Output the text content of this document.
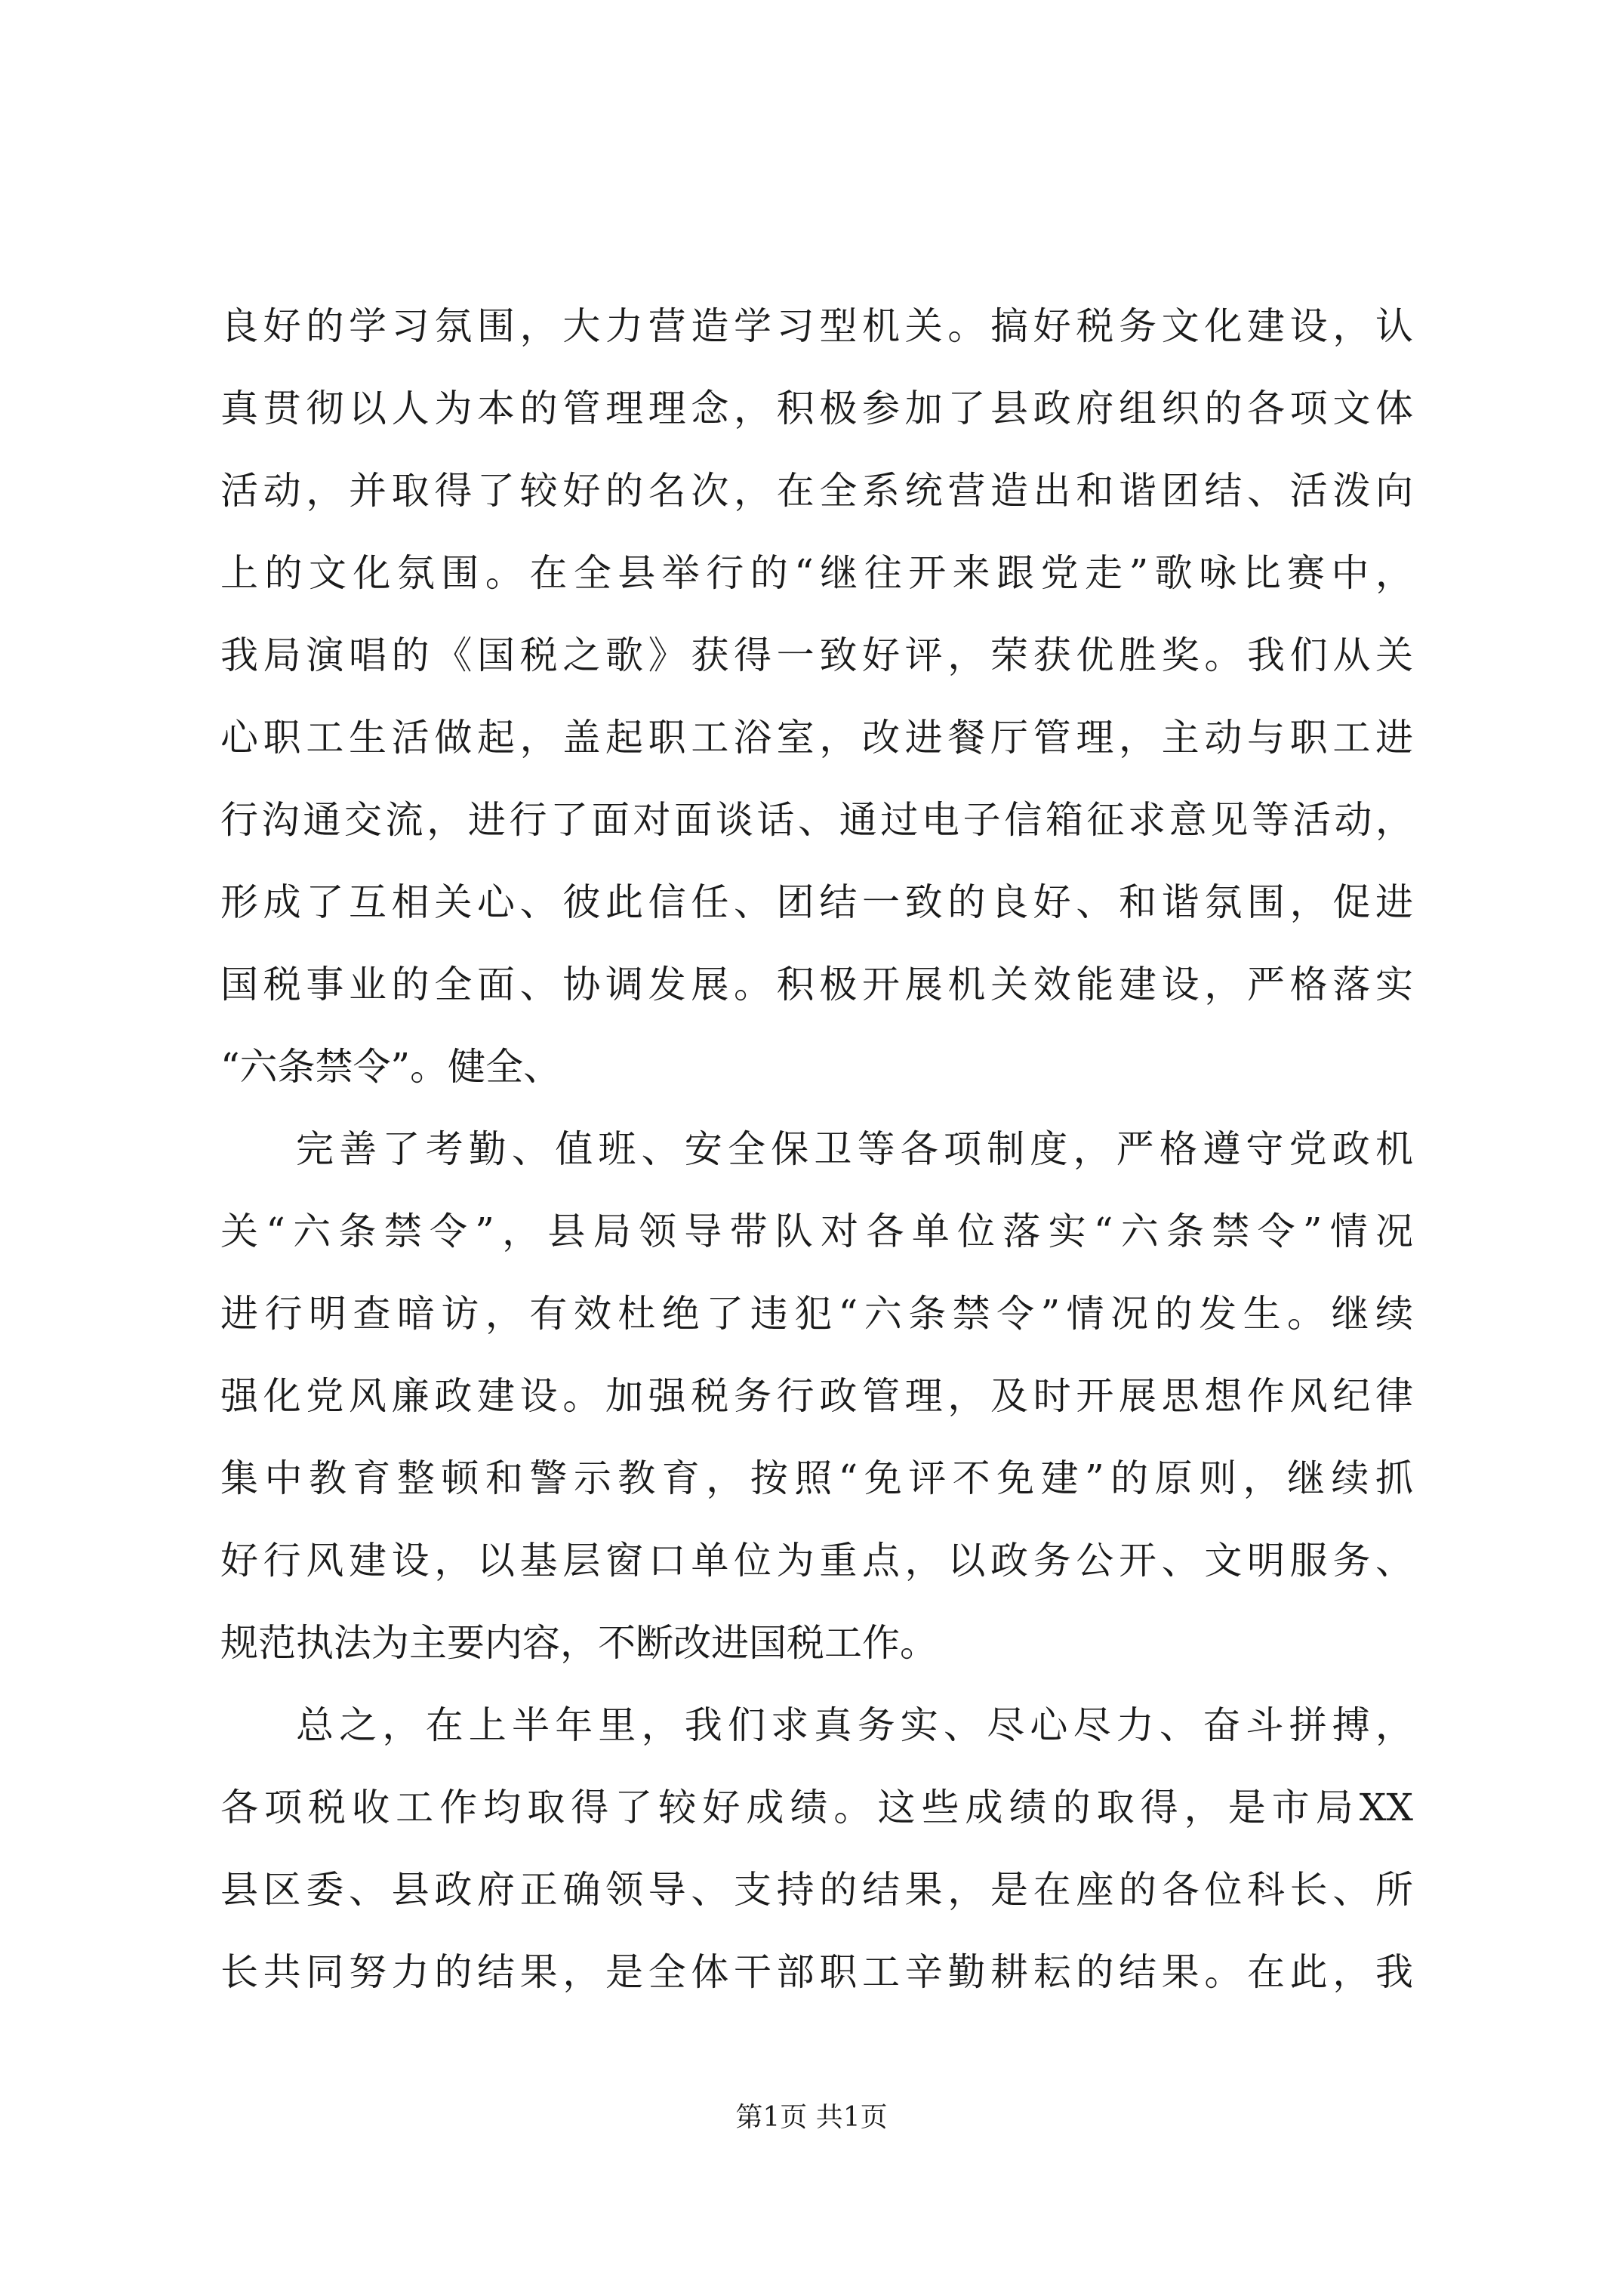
良好的学习氛围，大力营造学习型机关。搞好税务文化建设，认
真贯彻以人为本的管理理念，积极参加了县政府组织的各项文体
活动，并取得了较好的名次，在全系统营造出和谐团结、活泼向
上的文化氛围。在全县举行的“继往开来跟党走”歌咏比赛中，
我局演唱的《国税之歌》获得一致好评，荣获优胜奖。我们从关
心职工生活做起，盖起职工浴室，改进餐厅管理，主动与职工进
行沟通交流，进行了面对面谈话、通过电子信箱征求意见等活动，
形成了互相关心、彼此信任、团结一致的良好、和谐氛围，促进
国税事业的全面、协调发展。积极开展机关效能建设，严格落实
“六条禁令”。健全、
完善了考勤、值班、安全保卫等各项制度，严格遵守党政机
关“六条禁令”，县局领导带队对各单位落实“六条禁令”情况
进行明查暗访，有效杜绝了违犯“六条禁令”情况的发生。继续
强化党风廉政建设。加强税务行政管理，及时开展思想作风纪律
集中教育整顿和警示教育，按照“免评不免建”的原则，继续抓
好行风建设，以基层窗口单位为重点，以政务公开、文明服务、
规范执法为主要内容，不断改进国税工作。
总之，在上半年里，我们求真务实、尽心尽力、奋斗拼搏，
各项税收工作均取得了较好成绩。这些成绩的取得，是市局XX
县区委、县政府正确领导、支持的结果，是在座的各位科长、所
长共同努力的结果，是全体干部职工辛勤耕耘的结果。在此，我
第1页 共1页
